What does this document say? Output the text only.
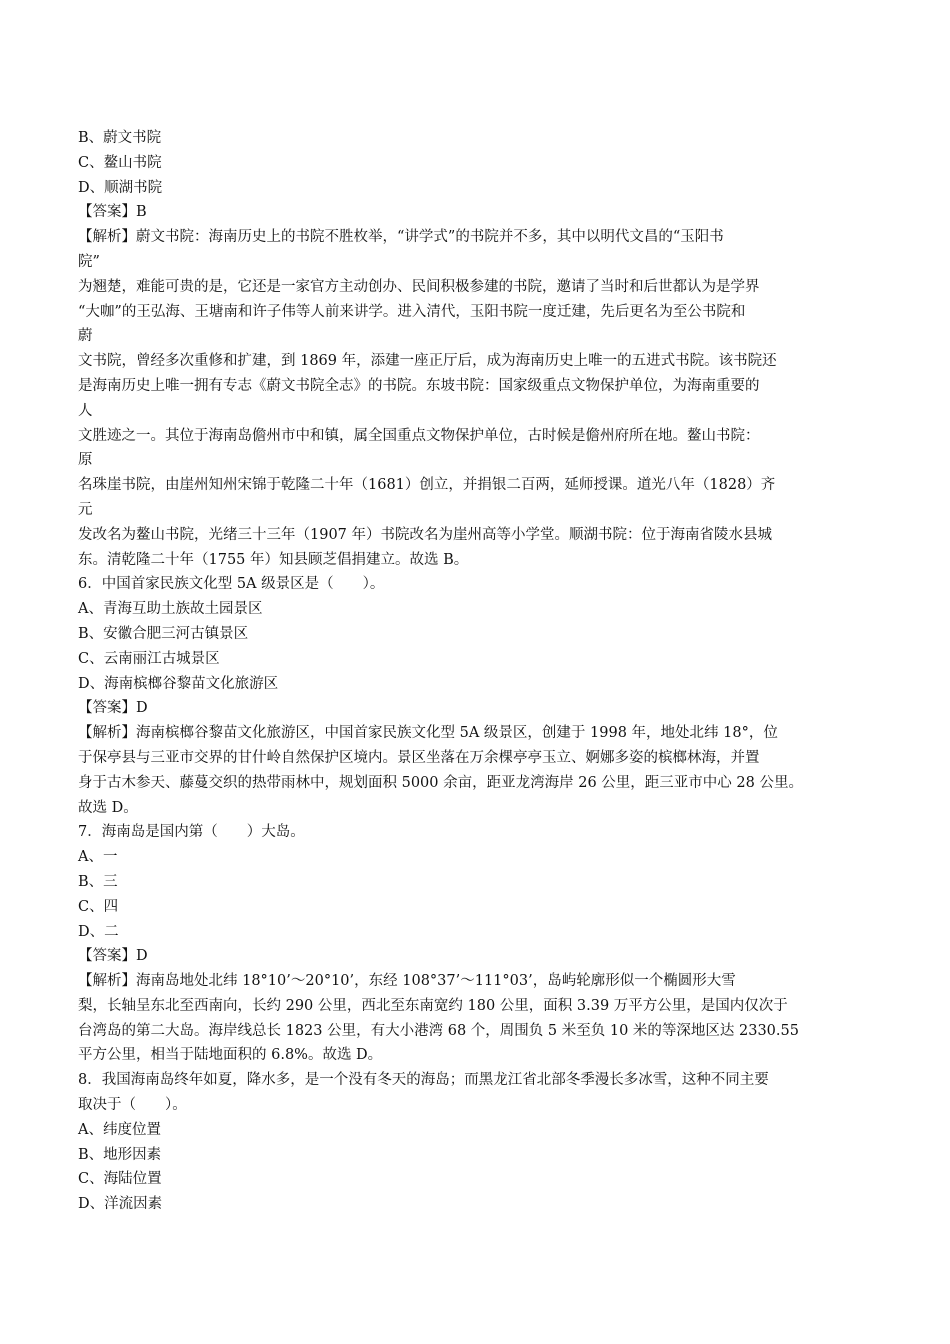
B、蔚文书院
C、鳌山书院
D、顺湖书院
【答案】B
【解析】蔚文书院：海南历史上的书院不胜枚举，“讲学式”的书院并不多，其中以明代文昌的“玉阳书
院”
为翘楚，难能可贵的是，它还是一家官方主动创办、民间积极参建的书院，邀请了当时和后世都认为是学界
“大咖”的王弘海、王塘南和许子伟等人前来讲学。进入清代，玉阳书院一度迁建，先后更名为至公书院和
蔚
文书院，曾经多次重修和扩建，到 1869 年，添建一座正厅后，成为海南历史上唯一的五进式书院。该书院还
是海南历史上唯一拥有专志《蔚文书院全志》的书院。东坡书院：国家级重点文物保护单位，为海南重要的
人
文胜迹之一。其位于海南岛儋州市中和镇，属全国重点文物保护单位，古时候是儋州府所在地。鳌山书院：
原
名珠崖书院，由崖州知州宋锦于乾隆二十年（1681）创立，并捐银二百两，延师授课。道光八年（1828）齐
元
发改名为鳌山书院，光绪三十三年（1907 年）书院改名为崖州高等小学堂。顺湖书院：位于海南省陵水县城
东。清乾隆二十年（1755 年）知县顾芝倡捐建立。故选 B。
6．中国首家民族文化型 5A 级景区是（　　）。
A、青海互助土族故土园景区
B、安徽合肥三河古镇景区
C、云南丽江古城景区
D、海南槟榔谷黎苗文化旅游区
【答案】D
【解析】海南槟榔谷黎苗文化旅游区，中国首家民族文化型 5A 级景区，创建于 1998 年，地处北纬 18°，位
于保亭县与三亚市交界的甘什岭自然保护区境内。景区坐落在万余棵亭亭玉立、婀娜多姿的槟榔林海，并置
身于古木参天、藤蔓交织的热带雨林中，规划面积 5000 余亩，距亚龙湾海岸 26 公里，距三亚市中心 28 公里。
故选 D。
7．海南岛是国内第（　　）大岛。
A、一
B、三
C、四
D、二
【答案】D
【解析】海南岛地处北纬 18°10’～20°10’，东经 108°37’～111°03’，岛屿轮廓形似一个椭圆形大雪
梨，长轴呈东北至西南向，长约 290 公里，西北至东南宽约 180 公里，面积 3.39 万平方公里，是国内仅次于
台湾岛的第二大岛。海岸线总长 1823 公里，有大小港湾 68 个，周围负 5 米至负 10 米的等深地区达 2330.55
平方公里，相当于陆地面积的 6.8%。故选 D。
8．我国海南岛终年如夏，降水多，是一个没有冬天的海岛；而黑龙江省北部冬季漫长多冰雪，这种不同主要
取决于（　　）。
A、纬度位置
B、地形因素
C、海陆位置
D、洋流因素
